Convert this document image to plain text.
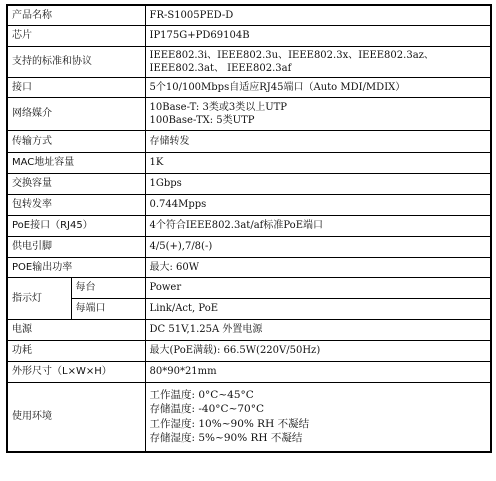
产品名称		FR-S1005PED-D
芯片		IP175G+PD69104B
支持的标准和协议		IEEE802.3i、IEEE802.3u、IEEE802.3x、IEEE802.3az、
IEEE802.3at、 IEEE802.3af

接口		5个10/100Mbps自适应RJ45端口（Auto MDI/MDIX）
网络媒介		10Base-T: 3类或3类以上UTP
100Base-TX: 5类UTP

传输方式		存储转发
MAC地址容量		1K
交换容量		1Gbps
包转发率		0.744Mpps
PoE接口（RJ45）		4个符合IEEE802.3at/af标准PoE端口
供电引脚		4/5(+),7/8(-)
POE输出功率		最大: 60W
指示灯	每台	Power
	每端口	Link/Act, PoE
电源		DC 51V,1.25A 外置电源
功耗		最大(PoE满载): 66.5W(220V/50Hz)
外形尺寸（L×W×H）		80*90*21mm
使用环境		工作温度: 0°C~45°C
存储温度: -40°C~70°C
工作湿度: 10%~90% RH 不凝结
存储湿度: 5%~90% RH 不凝结
